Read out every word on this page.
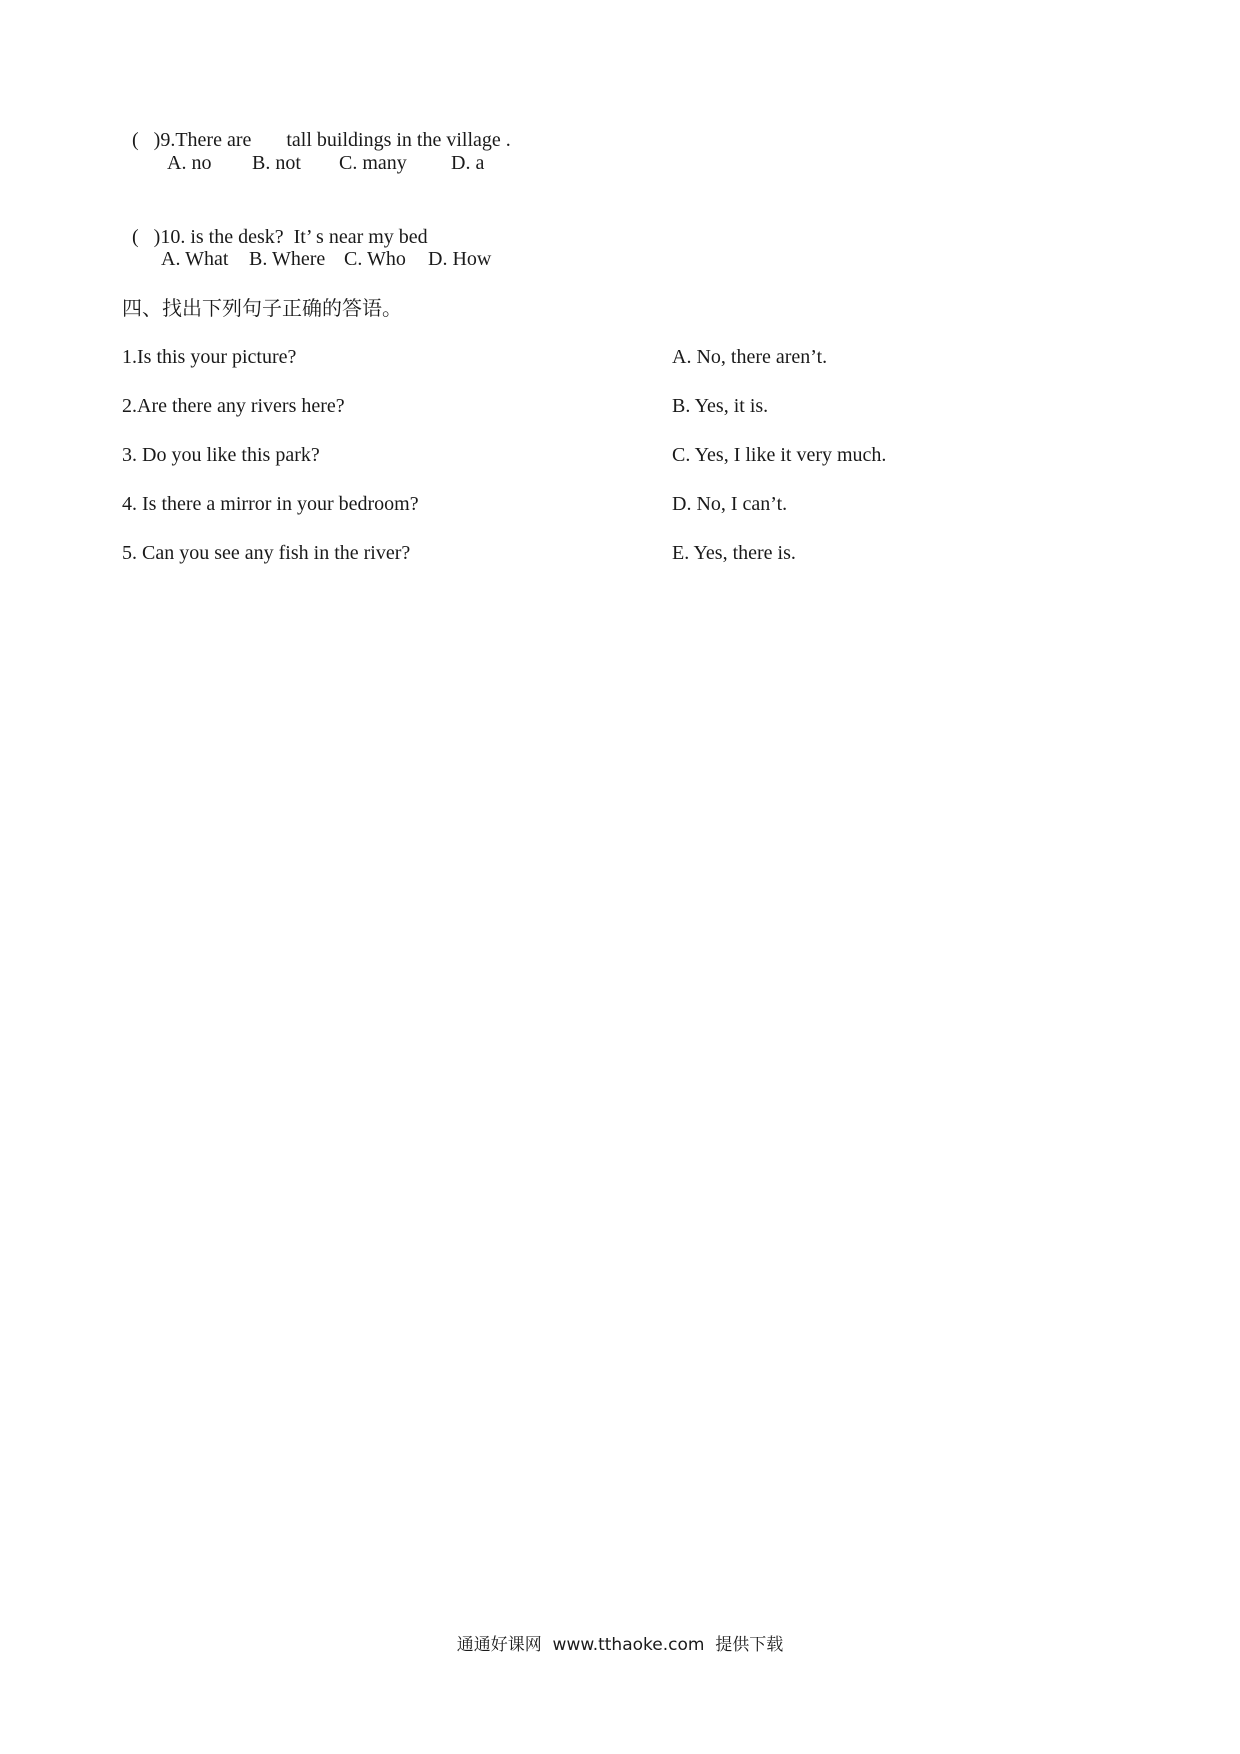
(   )9.There are       tall buildings in the village .

A. no B. not C. many D. a

(   )10. is the desk?  It’ s near my bed

A. What B. Where C. Who D. How
四、找出下列句子正确的答语。
1.Is this your picture?
2.Are there any rivers here?
3. Do you like this park?
4. Is there a mirror in your bedroom?
5. Can you see any fish in the river?
A. No, there aren’t.
B. Yes, it is.
C. Yes, I like it very much.
D. No, I can’t.
E. Yes, there is.
通通好课网  www.tthaoke.com  提供下载
